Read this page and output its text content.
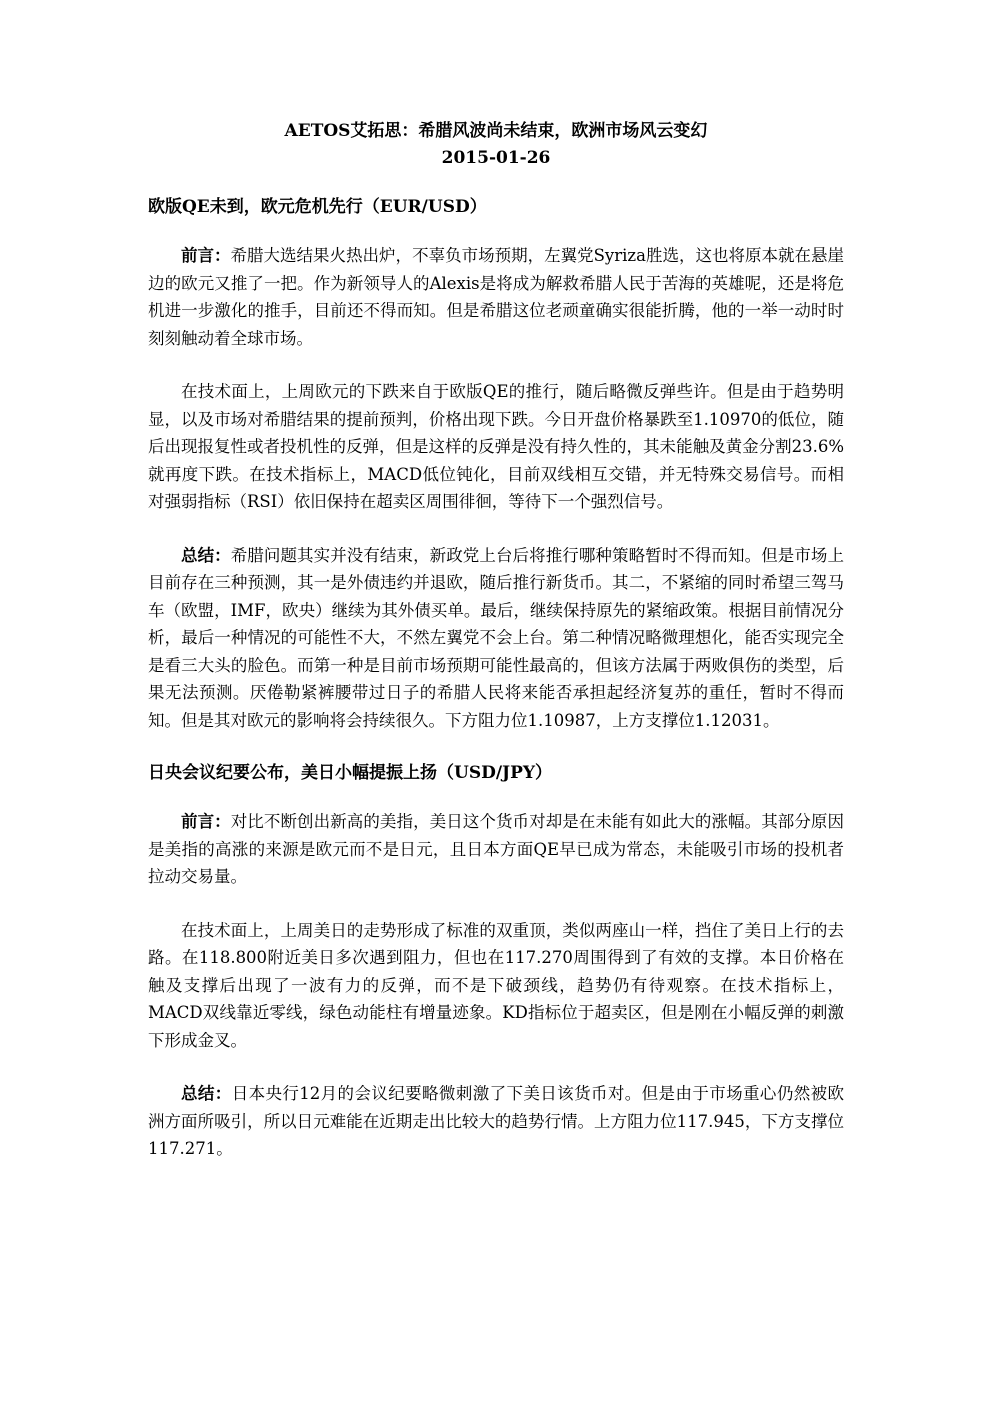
AETOS艾拓思：希腊风波尚未结束，欧洲市场风云变幻

2015-01-26

欧版QE未到，欧元危机先行（EUR/USD）

前言：希腊大选结果火热出炉，不辜负市场预期，左翼党Syriza胜选，这也将原本就在悬崖边的欧元又推了一把。作为新领导人的Alexis是将成为解救希腊人民于苦海的英雄呢，还是将危机进一步激化的推手，目前还不得而知。但是希腊这位老顽童确实很能折腾，他的一举一动时时刻刻触动着全球市场。

在技术面上，上周欧元的下跌来自于欧版QE的推行，随后略微反弹些许。但是由于趋势明显，以及市场对希腊结果的提前预判，价格出现下跌。今日开盘价格暴跌至1.10970的低位，随后出现报复性或者投机性的反弹，但是这样的反弹是没有持久性的，其未能触及黄金分割23.6%就再度下跌。在技术指标上，MACD低位钝化，目前双线相互交错，并无特殊交易信号。而相对强弱指标（RSI）依旧保持在超卖区周围徘徊，等待下一个强烈信号。

总结：希腊问题其实并没有结束，新政党上台后将推行哪种策略暂时不得而知。但是市场上目前存在三种预测，其一是外债违约并退欧，随后推行新货币。其二，不紧缩的同时希望三驾马车（欧盟，IMF，欧央）继续为其外债买单。最后，继续保持原先的紧缩政策。根据目前情况分析，最后一种情况的可能性不大，不然左翼党不会上台。第二种情况略微理想化，能否实现完全是看三大头的脸色。而第一种是目前市场预期可能性最高的，但该方法属于两败俱伤的类型，后果无法预测。厌倦勒紧裤腰带过日子的希腊人民将来能否承担起经济复苏的重任，暂时不得而知。但是其对欧元的影响将会持续很久。下方阻力位1.10987，上方支撑位1.12031。

日央会议纪要公布，美日小幅提振上扬（USD/JPY）

前言：对比不断创出新高的美指，美日这个货币对却是在未能有如此大的涨幅。其部分原因是美指的高涨的来源是欧元而不是日元，且日本方面QE早已成为常态，未能吸引市场的投机者拉动交易量。

在技术面上，上周美日的走势形成了标准的双重顶，类似两座山一样，挡住了美日上行的去路。在118.800附近美日多次遇到阻力，但也在117.270周围得到了有效的支撑。本日价格在触及支撑后出现了一波有力的反弹，而不是下破颈线，趋势仍有待观察。在技术指标上，MACD双线靠近零线，绿色动能柱有增量迹象。KD指标位于超卖区，但是刚在小幅反弹的刺激下形成金叉。

总结：日本央行12月的会议纪要略微刺激了下美日该货币对。但是由于市场重心仍然被欧洲方面所吸引，所以日元难能在近期走出比较大的趋势行情。上方阻力位117.945，下方支撑位117.271。
